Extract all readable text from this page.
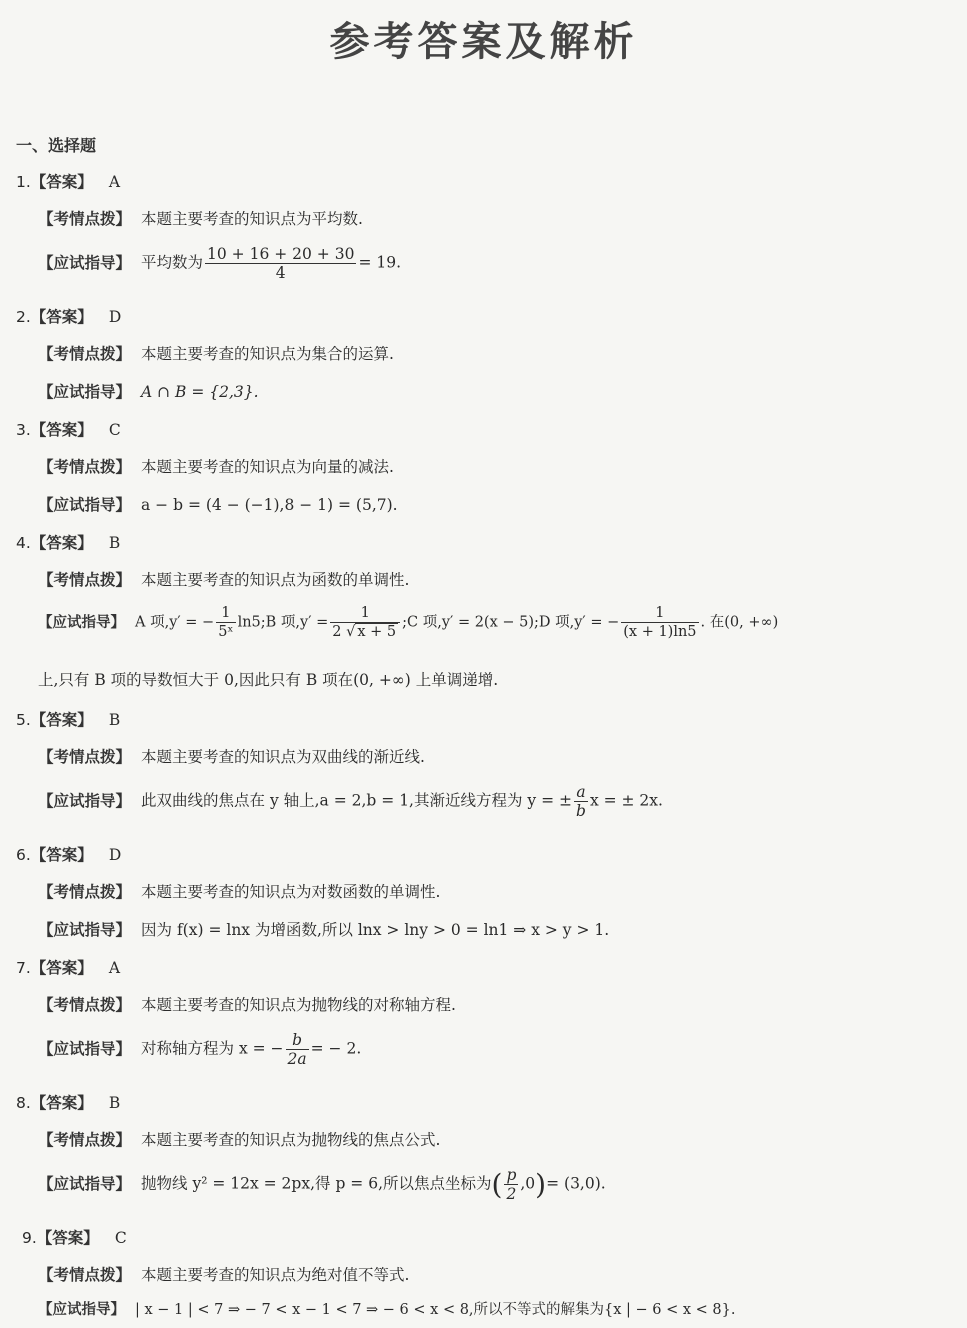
参考答案及解析
一、选择题
1.【答案】 A
【考情点拨】 本题主要考查的知识点为平均数.
【应试指导】 平均数为 $\frac{10 + 16 + 20 + 30}{4} = 19$.
2.【答案】 D
【考情点拨】 本题主要考查的知识点为集合的运算.
【应试指导】 A ∩ B = {2,3}.
3.【答案】 C
【考情点拨】 本题主要考查的知识点为向量的减法.
【应试指导】 a − b = (4 − (−1),8 − 1) = (5,7).
4.【答案】 B
【考情点拨】 本题主要考查的知识点为函数的单调性.
【应试指导】 A 项,y′ = − $\frac{1}{\text{5ˣ}}$ ln5;B 项$,y' = \frac{1}{2 √ x + 5}$ ;C 项,y′ = 2(x − 5);D 项,y′ = − $\frac{1}{(x + 1)\ln 5}$ . 在(0, +∞)
上,只有 B 项的导数恒大于 0,因此只有 B 项在(0, +∞) 上单调递增.
5.【答案】 B
【考情点拨】 本题主要考查的知识点为双曲线的渐近线.
【应试指导】 此双曲线的焦点在 y 轴上,a = 2,b = 1,其渐近线方程为 y = ± $\frac{a}{b}$ x = ± 2x.
6.【答案】 D
【考情点拨】 本题主要考查的知识点为对数函数的单调性.
【应试指导】 因为 f(x) = lnx 为增函数,所以 lnx > lny > 0 = ln1 ⇒ x > y > 1.
7.【答案】 A
【考情点拨】 本题主要考查的知识点为抛物线的对称轴方程.
【应试指导】 对称轴方程为 x = − $\frac{b}{2a}$ = − 2.
8.【答案】 B
【考情点拨】 本题主要考查的知识点为抛物线的焦点公式.
【应试指导】 抛物线 y² = 12x = 2px,得 p = 6,所以焦点坐标为( $\frac{p}{2} ,0)= (3,0)$.
9.【答案】 C
【考情点拨】 本题主要考查的知识点为绝对值不等式.
【应试指导】 | x − 1 | < 7 ⇒ − 7 < x − 1 < 7 ⇒ − 6 < x < 8,所以不等式的解集为{x | − 6 < x < 8}.
